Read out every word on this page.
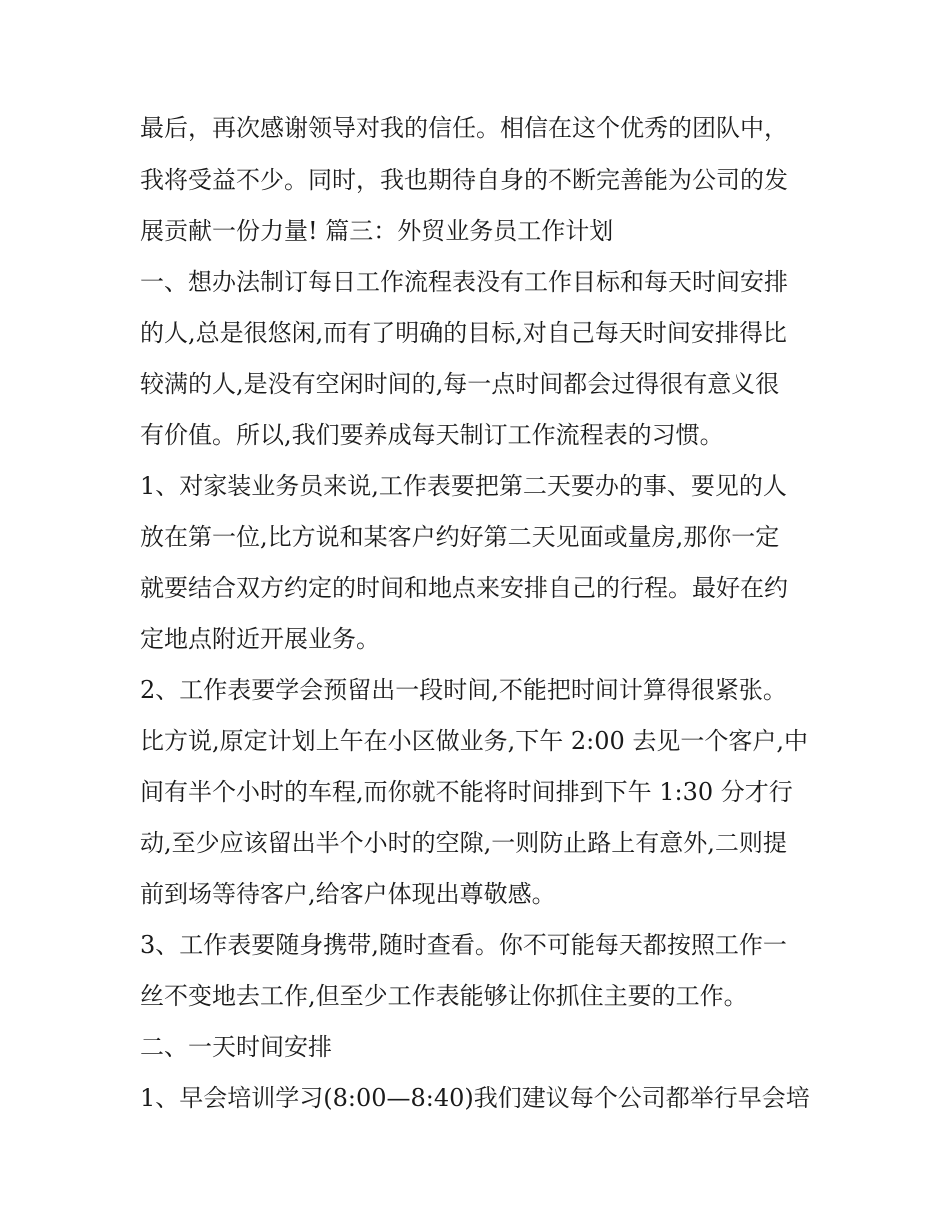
最后，再次感谢领导对我的信任。相信在这个优秀的团队中，
我将受益不少。同时，我也期待自身的不断完善能为公司的发
展贡献一份力量! 篇三：外贸业务员工作计划
一、想办法制订每日工作流程表没有工作目标和每天时间安排
的人,总是很悠闲,而有了明确的目标,对自己每天时间安排得比
较满的人,是没有空闲时间的,每一点时间都会过得很有意义很
有价值。所以,我们要养成每天制订工作流程表的习惯。
1、对家装业务员来说,工作表要把第二天要办的事、要见的人
放在第一位,比方说和某客户约好第二天见面或量房,那你一定
就要结合双方约定的时间和地点来安排自己的行程。最好在约
定地点附近开展业务。
2、工作表要学会预留出一段时间,不能把时间计算得很紧张。
比方说,原定计划上午在小区做业务,下午 2:00 去见一个客户,中
间有半个小时的车程,而你就不能将时间排到下午 1:30 分才行
动,至少应该留出半个小时的空隙,一则防止路上有意外,二则提
前到场等待客户,给客户体现出尊敬感。
3、工作表要随身携带,随时查看。你不可能每天都按照工作一
丝不变地去工作,但至少工作表能够让你抓住主要的工作。
二、一天时间安排
1、早会培训学习(8:00—8:40)我们建议每个公司都举行早会培
